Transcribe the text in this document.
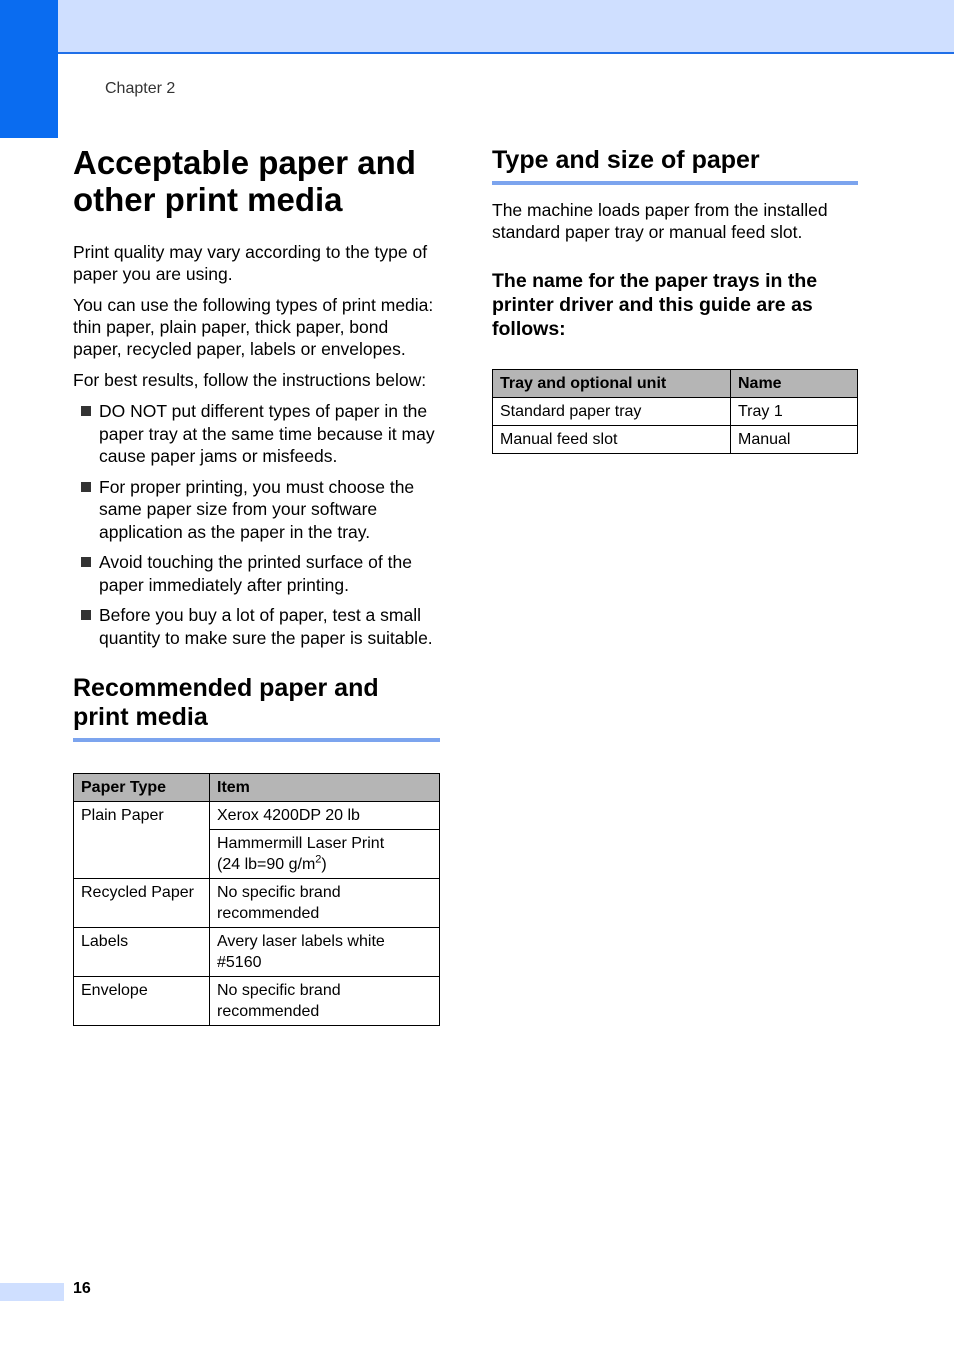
Chapter 2
Acceptable paper and other print media

Print quality may vary according to the type of paper you are using.

You can use the following types of print media: thin paper, plain paper, thick paper, bond paper, recycled paper, labels or envelopes.

For best results, follow the instructions below:

DO NOT put different types of paper in the paper tray at the same time because it may cause paper jams or misfeeds.
For proper printing, you must choose the same paper size from your software application as the paper in the tray.
Avoid touching the printed surface of the paper immediately after printing.
Before you buy a lot of paper, test a small quantity to make sure the paper is suitable.
Recommended paper and print media
Paper Type	Item
Plain Paper	Xerox 4200DP 20 lb
	Hammermill Laser Print
(24 lb=90 $g/m^2$)
Recycled Paper	No specific brand recommended
Labels	Avery laser labels white #5160
Envelope	No specific brand recommended
Type and size of paper

The machine loads paper from the installed standard paper tray or manual feed slot.

The name for the paper trays in the printer driver and this guide are as follows:
Tray and optional unit	Name
Standard paper tray	Tray 1
Manual feed slot	Manual
16
